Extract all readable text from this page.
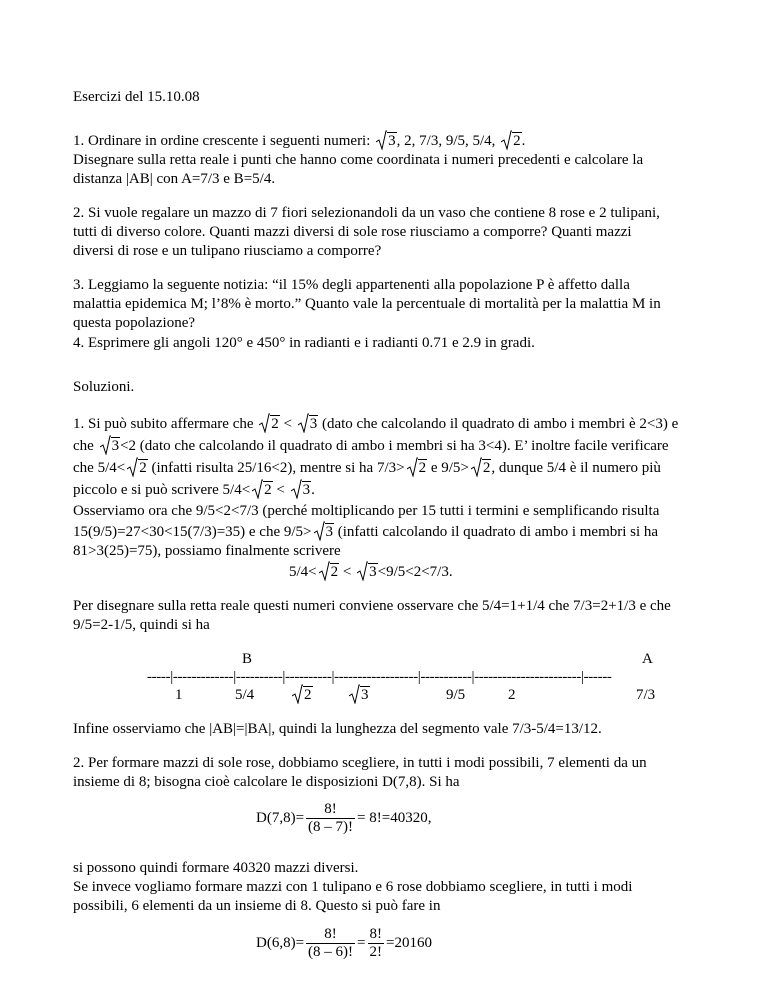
Esercizi del 15.10.08
1. Ordinare in ordine crescente i seguenti numeri: 3, 2, 7/3, 9/5, 5/4, 2.
Disegnare sulla retta reale i punti che hanno come coordinata i numeri precedenti e calcolare la
distanza |AB| con A=7/3 e B=5/4.
2. Si vuole regalare un mazzo di 7 fiori selezionandoli da un vaso che contiene 8 rose e 2 tulipani,
tutti di diverso colore. Quanti mazzi diversi di sole rose riusciamo a comporre? Quanti mazzi
diversi di rose e un tulipano riusciamo a comporre?
3. Leggiamo la seguente notizia: “il 15% degli appartenenti alla popolazione P è affetto dalla
malattia epidemica M; l’8% è morto.” Quanto vale la percentuale di mortalità per la malattia M in
questa popolazione?
4. Esprimere gli angoli 120° e 450° in radianti e i radianti 0.71 e 2.9 in gradi.
Soluzioni.
1. Si può subito affermare che 2 < 3 (dato che calcolando il quadrato di ambo i membri è 2<3) e
che 3<2 (dato che calcolando il quadrato di ambo i membri si ha 3<4). E’ inoltre facile verificare
che 5/4< 2 (infatti risulta 25/16<2), mentre si ha 7/3> 2 e 9/5> 2, dunque 5/4 è il numero più
piccolo e si può scrivere 5/4< 2 < 3.
Osserviamo ora che 9/5<2<7/3 (perché moltiplicando per 15 tutti i termini e semplificando risulta
15(9/5)=27<30<15(7/3)=35) e che 9/5> 3 (infatti calcolando il quadrato di ambo i membri si ha
81>3(25)=75), possiamo finalmente scrivere
5/4< 2 < 3<9/5<2<7/3.
Per disegnare sulla retta reale questi numeri conviene osservare che 5/4=1+1/4 che 7/3=2+1/3 e che
9/5=2-1/5, quindi si ha
B	A
-----|-------------|----------|----------|------------------|-----------|-----------------------|------
1	5/4	2	3	9/5	2	7/3
Infine osserviamo che |AB|=|BA|, quindi la lunghezza del segmento vale 7/3-5/4=13/12.
2. Per formare mazzi di sole rose, dobbiamo scegliere, in tutti i modi possibili, 7 elementi da un
insieme di 8; bisogna cioè calcolare le disposizioni D(7,8). Si ha
$D(7,8)= \frac{8!}{(8 - 7)!} = 8!=40320$,
si possono quindi formare 40320 mazzi diversi.
Se invece vogliamo formare mazzi con 1 tulipano e 6 rose dobbiamo scegliere, in tutti i modi
possibili, 6 elementi da un insieme di 8. Questo si può fare in
$D(6,8)= \frac{8!}{(8 - 6)!} = \frac{8!}{2!} =20160$
